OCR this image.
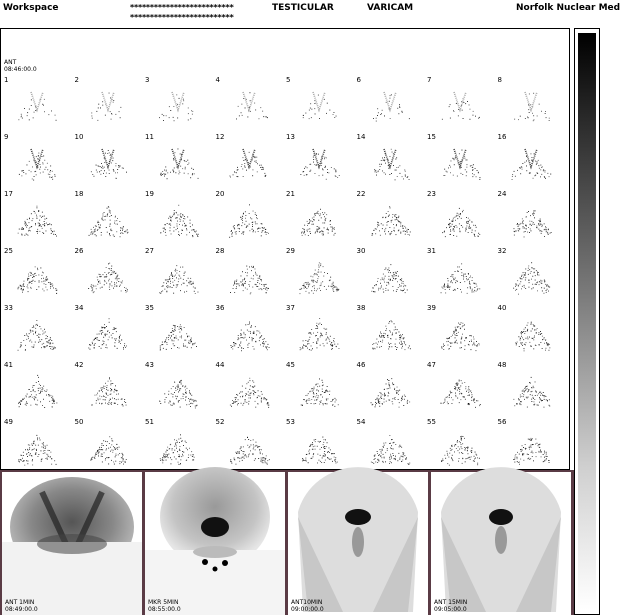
Workspace	**************************
**************************
TESTICULAR	VARICAM	Norfolk Nuclear Med
ANT
08:46:00.0
1	2	3	4	5	6	7	8
9	10	11	12	13	14	15	16
17	18	19	20	21	22	23	24
25	26	27	28	29	30	31	32
33	34	35	36	37	38	39	40
41	42	43	44	45	46	47	48
49	50	51	52	53	54	55	56
ANT 1MIN
08:49:00.0
MKR 5MIN
08:55:00.0
ANT10MIN
09:00:00.0
ANT 15MIN
09:05:00.0
